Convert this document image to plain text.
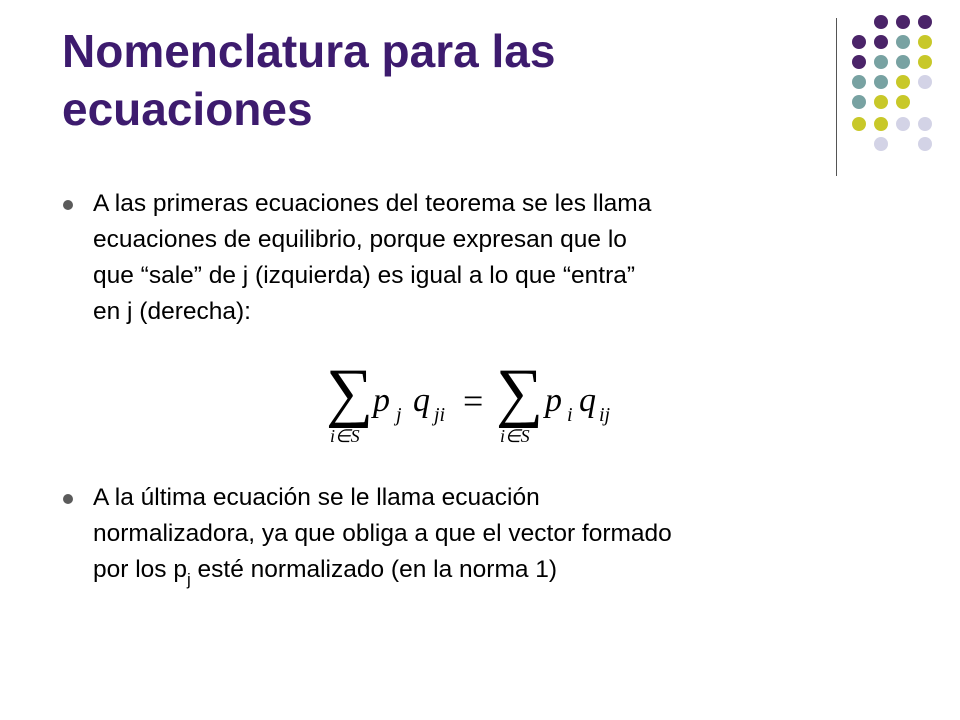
Nomenclatura para las
ecuaciones
A las primeras ecuaciones del teorema se les llama
ecuaciones de equilibrio, porque expresan que lo
que “sale” de j (izquierda) es igual a lo que “entra”
en j (derecha):
∑
i∈S
p j q ji = ∑
i∈S
p i q ij
A la última ecuación se le llama ecuación
normalizadora, ya que obliga a que el vector formado
por los $p_j$ esté normalizado (en la norma 1)
